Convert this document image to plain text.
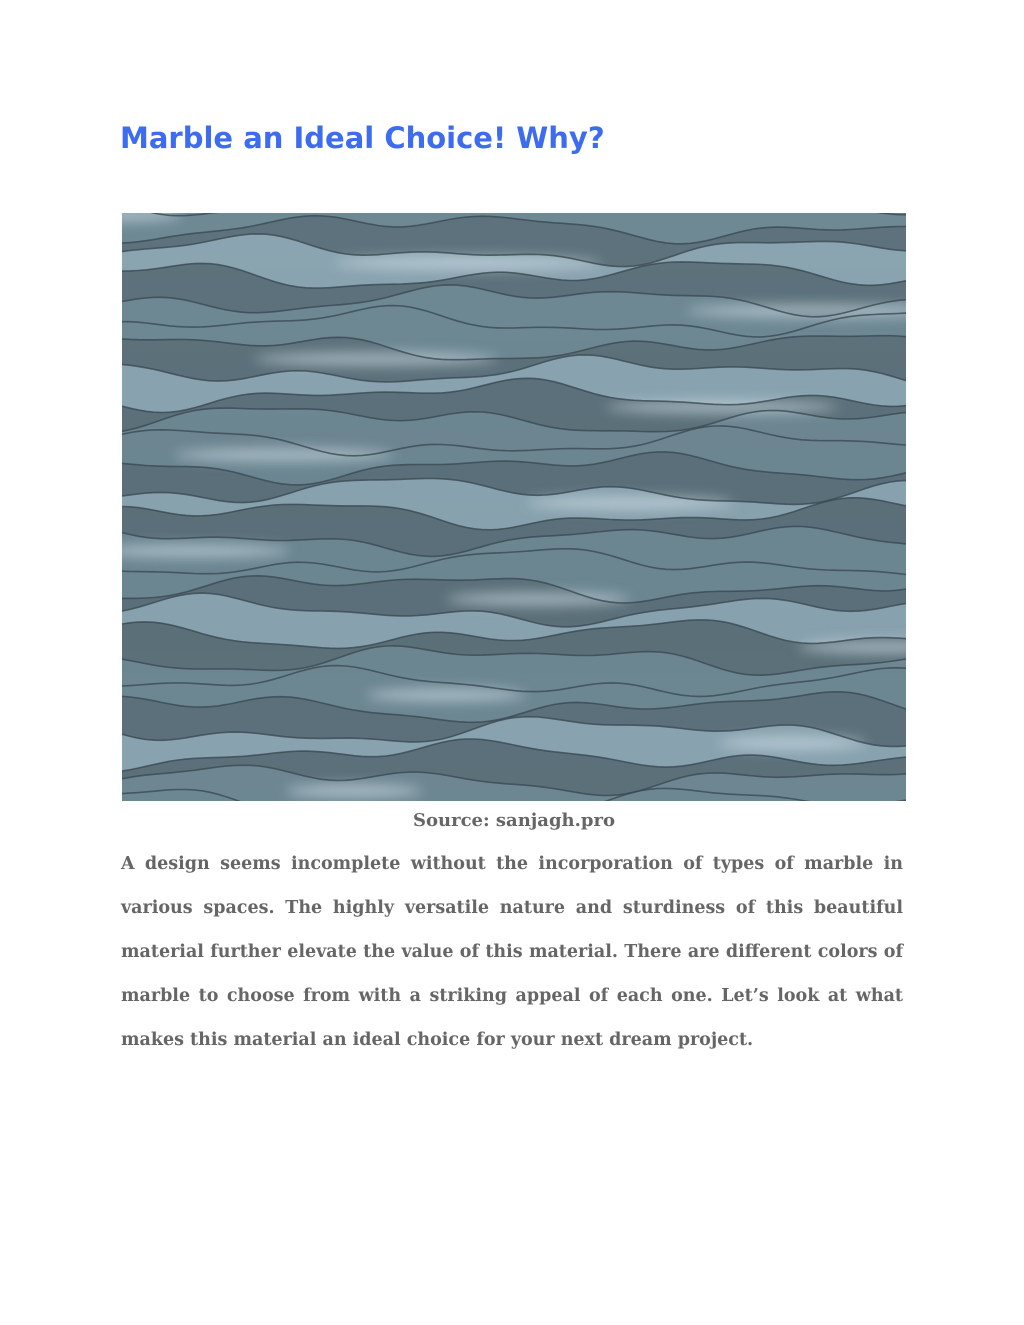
Marble an Ideal Choice! Why?
Source: sanjagh.pro

A design seems incomplete without the incorporation of types of marble in various spaces. The highly versatile nature and sturdiness of this beautiful material further elevate the value of this material. There are different colors of marble to choose from with a striking appeal of each one. Let’s look at what makes this material an ideal choice for your next dream project.
